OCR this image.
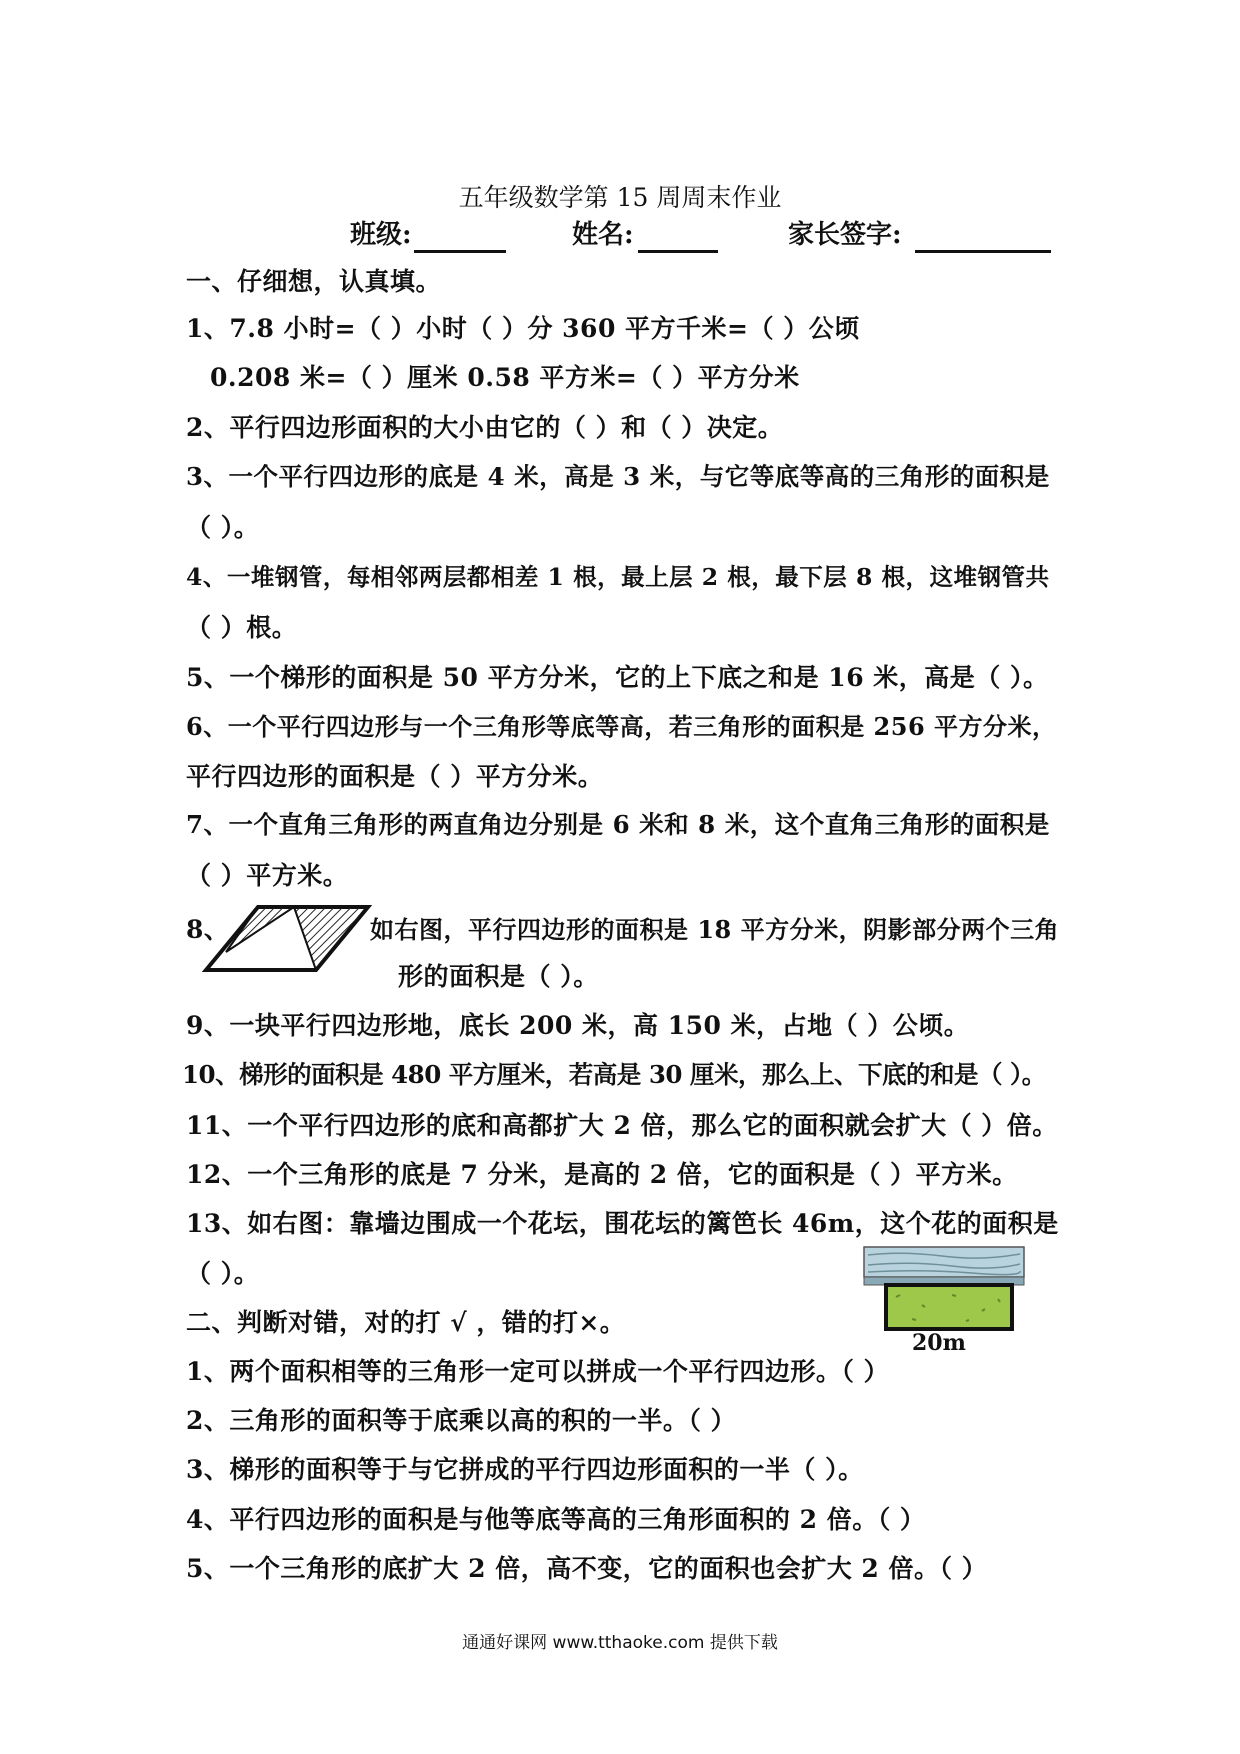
五年级数学第 15 周周末作业
班级:	姓名:	家长签字:
一、仔细想，认真填。
1、7.8 小时=（ ）小时（ ）分 360 平方千米=（ ）公顷
0.208 米=（ ）厘米 0.58 平方米=（ ）平方分米
2、平行四边形面积的大小由它的（ ）和（ ）决定。
3、一个平行四边形的底是 4 米，高是 3 米，与它等底等高的三角形的面积是
（ ）。
4、一堆钢管，每相邻两层都相差 1 根，最上层 2 根，最下层 8 根，这堆钢管共
（ ）根。
5、一个梯形的面积是 50 平方分米，它的上下底之和是 16 米，高是（ ）。
6、一个平行四边形与一个三角形等底等高，若三角形的面积是 256 平方分米，
平行四边形的面积是（ ）平方分米。
7、一个直角三角形的两直角边分别是 6 米和 8 米，这个直角三角形的面积是
（ ）平方米。
8、	如右图，平行四边形的面积是 18 平方分米，阴影部分两个三角
形的面积是（ ）。
9、一块平行四边形地，底长 200 米，高 150 米，占地（ ）公顷。
10、梯形的面积是 480 平方厘米，若高是 30 厘米，那么上、下底的和是（ ）。
11、一个平行四边形的底和高都扩大 2 倍，那么它的面积就会扩大（ ）倍。
12、一个三角形的底是 7 分米，是高的 2 倍，它的面积是（ ）平方米。
13、如右图：靠墙边围成一个花坛，围花坛的篱笆长 46m，这个花的面积是
（ ）。
20m
二、判断对错，对的打 √ ，错的打×。
1、两个面积相等的三角形一定可以拼成一个平行四边形。（ ）
2、三角形的面积等于底乘以高的积的一半。（ ）
3、梯形的面积等于与它拼成的平行四边形面积的一半（ ）。
4、平行四边形的面积是与他等底等高的三角形面积的 2 倍。（ ）
5、一个三角形的底扩大 2 倍，高不变，它的面积也会扩大 2 倍。（ ）
通通好课网 www.tthaoke.com 提供下载
